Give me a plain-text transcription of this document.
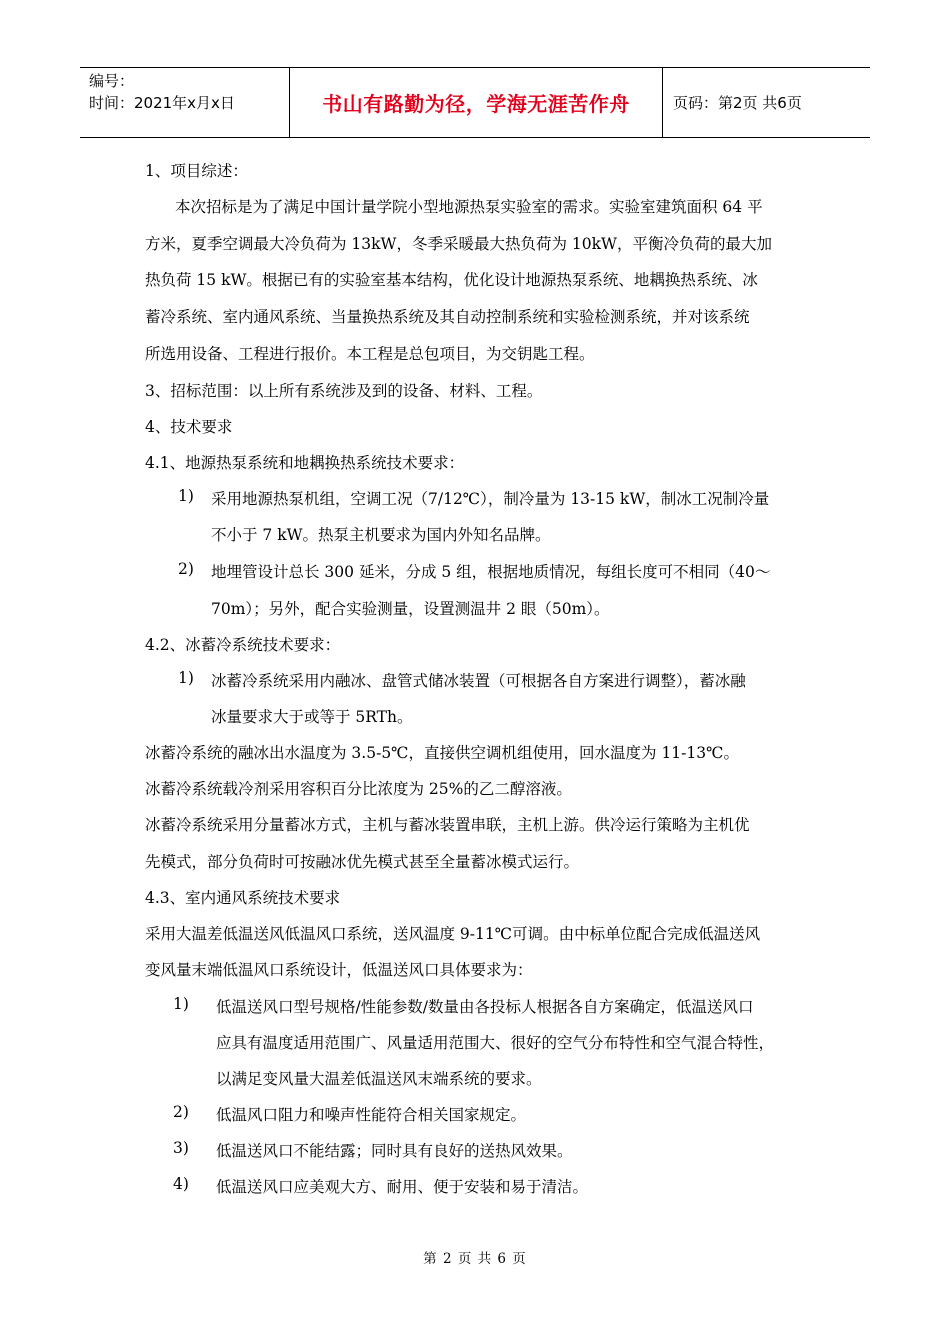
编号：
时间：2021年x月x日	书山有路勤为径，学海无涯苦作舟	页码：第2页 共6页
1、项目综述：
本次招标是为了满足中国计量学院小型地源热泵实验室的需求。实验室建筑面积 64 平
方米，夏季空调最大冷负荷为 13kW，冬季采暖最大热负荷为 10kW，平衡冷负荷的最大加
热负荷 15 kW。根据已有的实验室基本结构，优化设计地源热泵系统、地耦换热系统、冰
蓄冷系统、室内通风系统、当量换热系统及其自动控制系统和实验检测系统，并对该系统
所选用设备、工程进行报价。本工程是总包项目，为交钥匙工程。
3、招标范围：以上所有系统涉及到的设备、材料、工程。
4、技术要求
4.1、地源热泵系统和地耦换热系统技术要求：
1) 采用地源热泵机组，空调工况（7/12℃），制冷量为 13-15 kW，制冰工况制冷量
不小于 7 kW。热泵主机要求为国内外知名品牌。
2) 地埋管设计总长 300 延米，分成 5 组，根据地质情况，每组长度可不相同（40～
70m）；另外，配合实验测量，设置测温井 2 眼（50m）。
4.2、冰蓄冷系统技术要求：
1) 冰蓄冷系统采用内融冰、盘管式储冰装置（可根据各自方案进行调整），蓄冰融
冰量要求大于或等于 5RTh。
冰蓄冷系统的融冰出水温度为 3.5-5℃，直接供空调机组使用，回水温度为 11-13℃。
冰蓄冷系统载冷剂采用容积百分比浓度为 25%的乙二醇溶液。
冰蓄冷系统采用分量蓄冰方式，主机与蓄冰装置串联，主机上游。供冷运行策略为主机优
先模式，部分负荷时可按融冰优先模式甚至全量蓄冰模式运行。
4.3、室内通风系统技术要求
采用大温差低温送风低温风口系统，送风温度 9-11℃可调。由中标单位配合完成低温送风
变风量末端低温风口系统设计，低温送风口具体要求为：
1) 低温送风口型号规格/性能参数/数量由各投标人根据各自方案确定，低温送风口
应具有温度适用范围广、风量适用范围大、很好的空气分布特性和空气混合特性，
以满足变风量大温差低温送风末端系统的要求。
2) 低温风口阻力和噪声性能符合相关国家规定。
3) 低温送风口不能结露；同时具有良好的送热风效果。
4) 低温送风口应美观大方、耐用、便于安装和易于清洁。
第 2 页 共 6 页
